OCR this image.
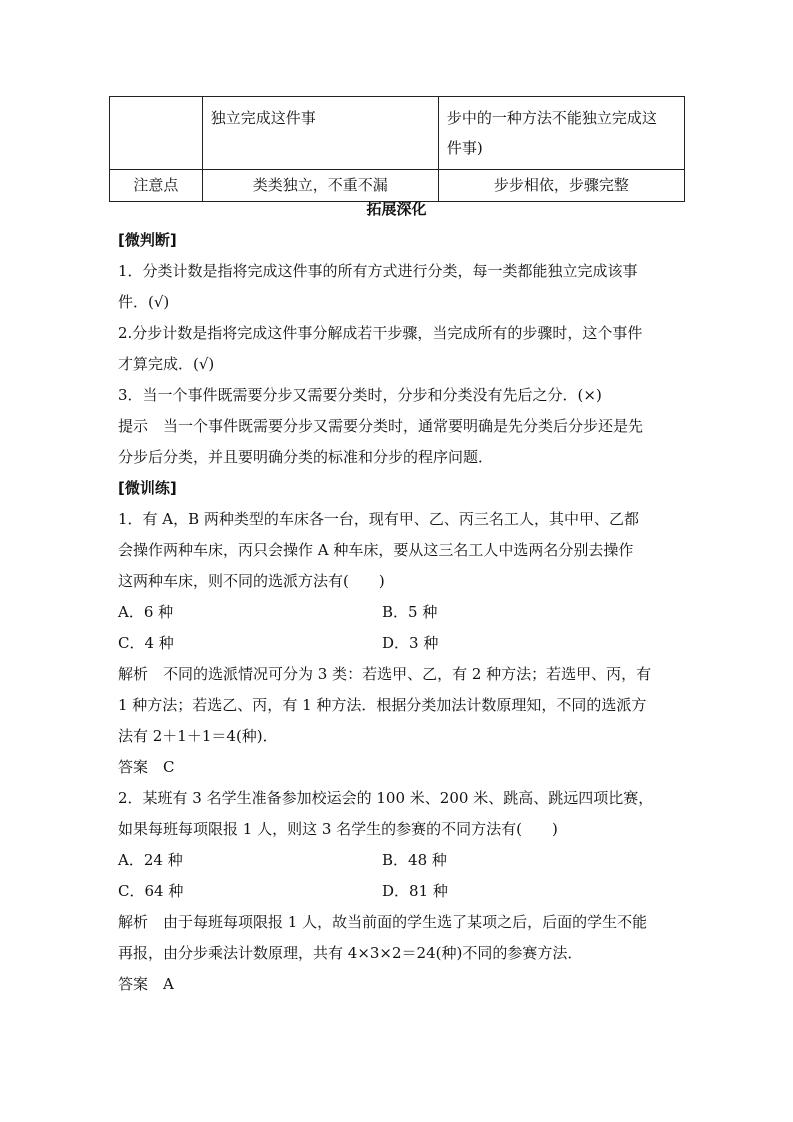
	独立完成这件事	步中的一种方法不能独立完成这
件事)

注意点	类类独立，不重不漏	步步相依，步骤完整
拓展深化
[微判断]
1．分类计数是指将完成这件事的所有方式进行分类，每一类都能独立完成该事
件．(√)
2.分步计数是指将完成这件事分解成若干步骤，当完成所有的步骤时，这个事件
才算完成．(√)
3．当一个事件既需要分步又需要分类时，分步和分类没有先后之分．(×)
提示　当一个事件既需要分步又需要分类时，通常要明确是先分类后分步还是先
分步后分类，并且要明确分类的标准和分步的程序问题．
[微训练]
1．有 A，B 两种类型的车床各一台，现有甲、乙、丙三名工人，其中甲、乙都
会操作两种车床，丙只会操作 A 种车床，要从这三名工人中选两名分别去操作
这两种车床，则不同的选派方法有(　　)
A．6 种	B．5 种
C．4 种	D．3 种
解析　不同的选派情况可分为 3 类：若选甲、乙，有 2 种方法；若选甲、丙，有
1 种方法；若选乙、丙，有 1 种方法．根据分类加法计数原理知，不同的选派方
法有 2＋1＋1＝4(种)．
答案　C
2．某班有 3 名学生准备参加校运会的 100 米、200 米、跳高、跳远四项比赛，
如果每班每项限报 1 人，则这 3 名学生的参赛的不同方法有(　　)
A．24 种	B．48 种
C．64 种	D．81 种
解析　由于每班每项限报 1 人，故当前面的学生选了某项之后，后面的学生不能
再报，由分步乘法计数原理，共有 4×3×2＝24(种)不同的参赛方法．
答案　A
